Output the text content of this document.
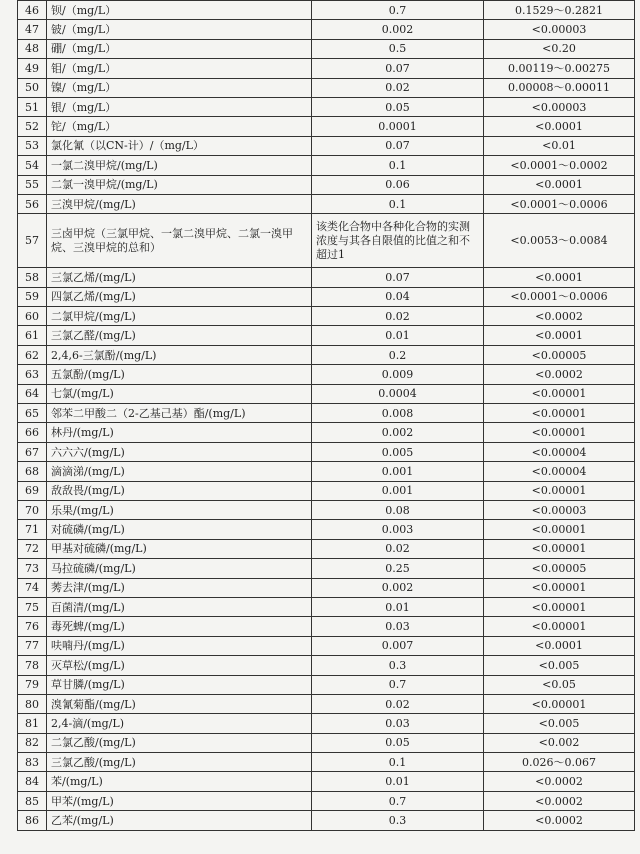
46	钡/（mg/L）	0.7	0.1529～0.2821
47	铍/（mg/L）	0.002	<0.00003
48	硼/（mg/L）	0.5	<0.20
49	钼/（mg/L）	0.07	0.00119～0.00275
50	镍/（mg/L）	0.02	0.00008～0.00011
51	银/（mg/L）	0.05	<0.00003
52	铊/（mg/L）	0.0001	<0.0001
53	氯化氰（以CN-计）/（mg/L）	0.07	<0.01
54	一氯二溴甲烷/(mg/L)	0.1	<0.0001～0.0002
55	二氯一溴甲烷/(mg/L)	0.06	<0.0001
56	三溴甲烷/(mg/L)	0.1	<0.0001～0.0006
57	三卤甲烷（三氯甲烷、一氯二溴甲烷、二氯一溴甲烷、三溴甲烷的总和）	该类化合物中各种化合物的实测浓度与其各自限值的比值之和不超过1	<0.0053～0.0084
58	三氯乙烯/(mg/L)	0.07	<0.0001
59	四氯乙烯/(mg/L)	0.04	<0.0001～0.0006
60	二氯甲烷/(mg/L)	0.02	<0.0002
61	三氯乙醛/(mg/L)	0.01	<0.0001
62	2,4,6-三氯酚/(mg/L)	0.2	<0.00005
63	五氯酚/(mg/L)	0.009	<0.0002
64	七氯/(mg/L)	0.0004	<0.00001
65	邻苯二甲酸二（2-乙基己基）酯/(mg/L)	0.008	<0.00001
66	林丹/(mg/L)	0.002	<0.00001
67	六六六/(mg/L)	0.005	<0.00004
68	滴滴涕/(mg/L)	0.001	<0.00004
69	敌敌畏/(mg/L)	0.001	<0.00001
70	乐果/(mg/L)	0.08	<0.00003
71	对硫磷/(mg/L)	0.003	<0.00001
72	甲基对硫磷/(mg/L)	0.02	<0.00001
73	马拉硫磷/(mg/L)	0.25	<0.00005
74	莠去津/(mg/L)	0.002	<0.00001
75	百菌清/(mg/L)	0.01	<0.00001
76	毒死蜱/(mg/L)	0.03	<0.00001
77	呋喃丹/(mg/L)	0.007	<0.0001
78	灭草松/(mg/L)	0.3	<0.005
79	草甘膦/(mg/L)	0.7	<0.05
80	溴氰菊酯/(mg/L)	0.02	<0.00001
81	2,4-滴/(mg/L)	0.03	<0.005
82	二氯乙酸/(mg/L)	0.05	<0.002
83	三氯乙酸/(mg/L)	0.1	0.026～0.067
84	苯/(mg/L)	0.01	<0.0002
85	甲苯/(mg/L)	0.7	<0.0002
86	乙苯/(mg/L)	0.3	<0.0002
